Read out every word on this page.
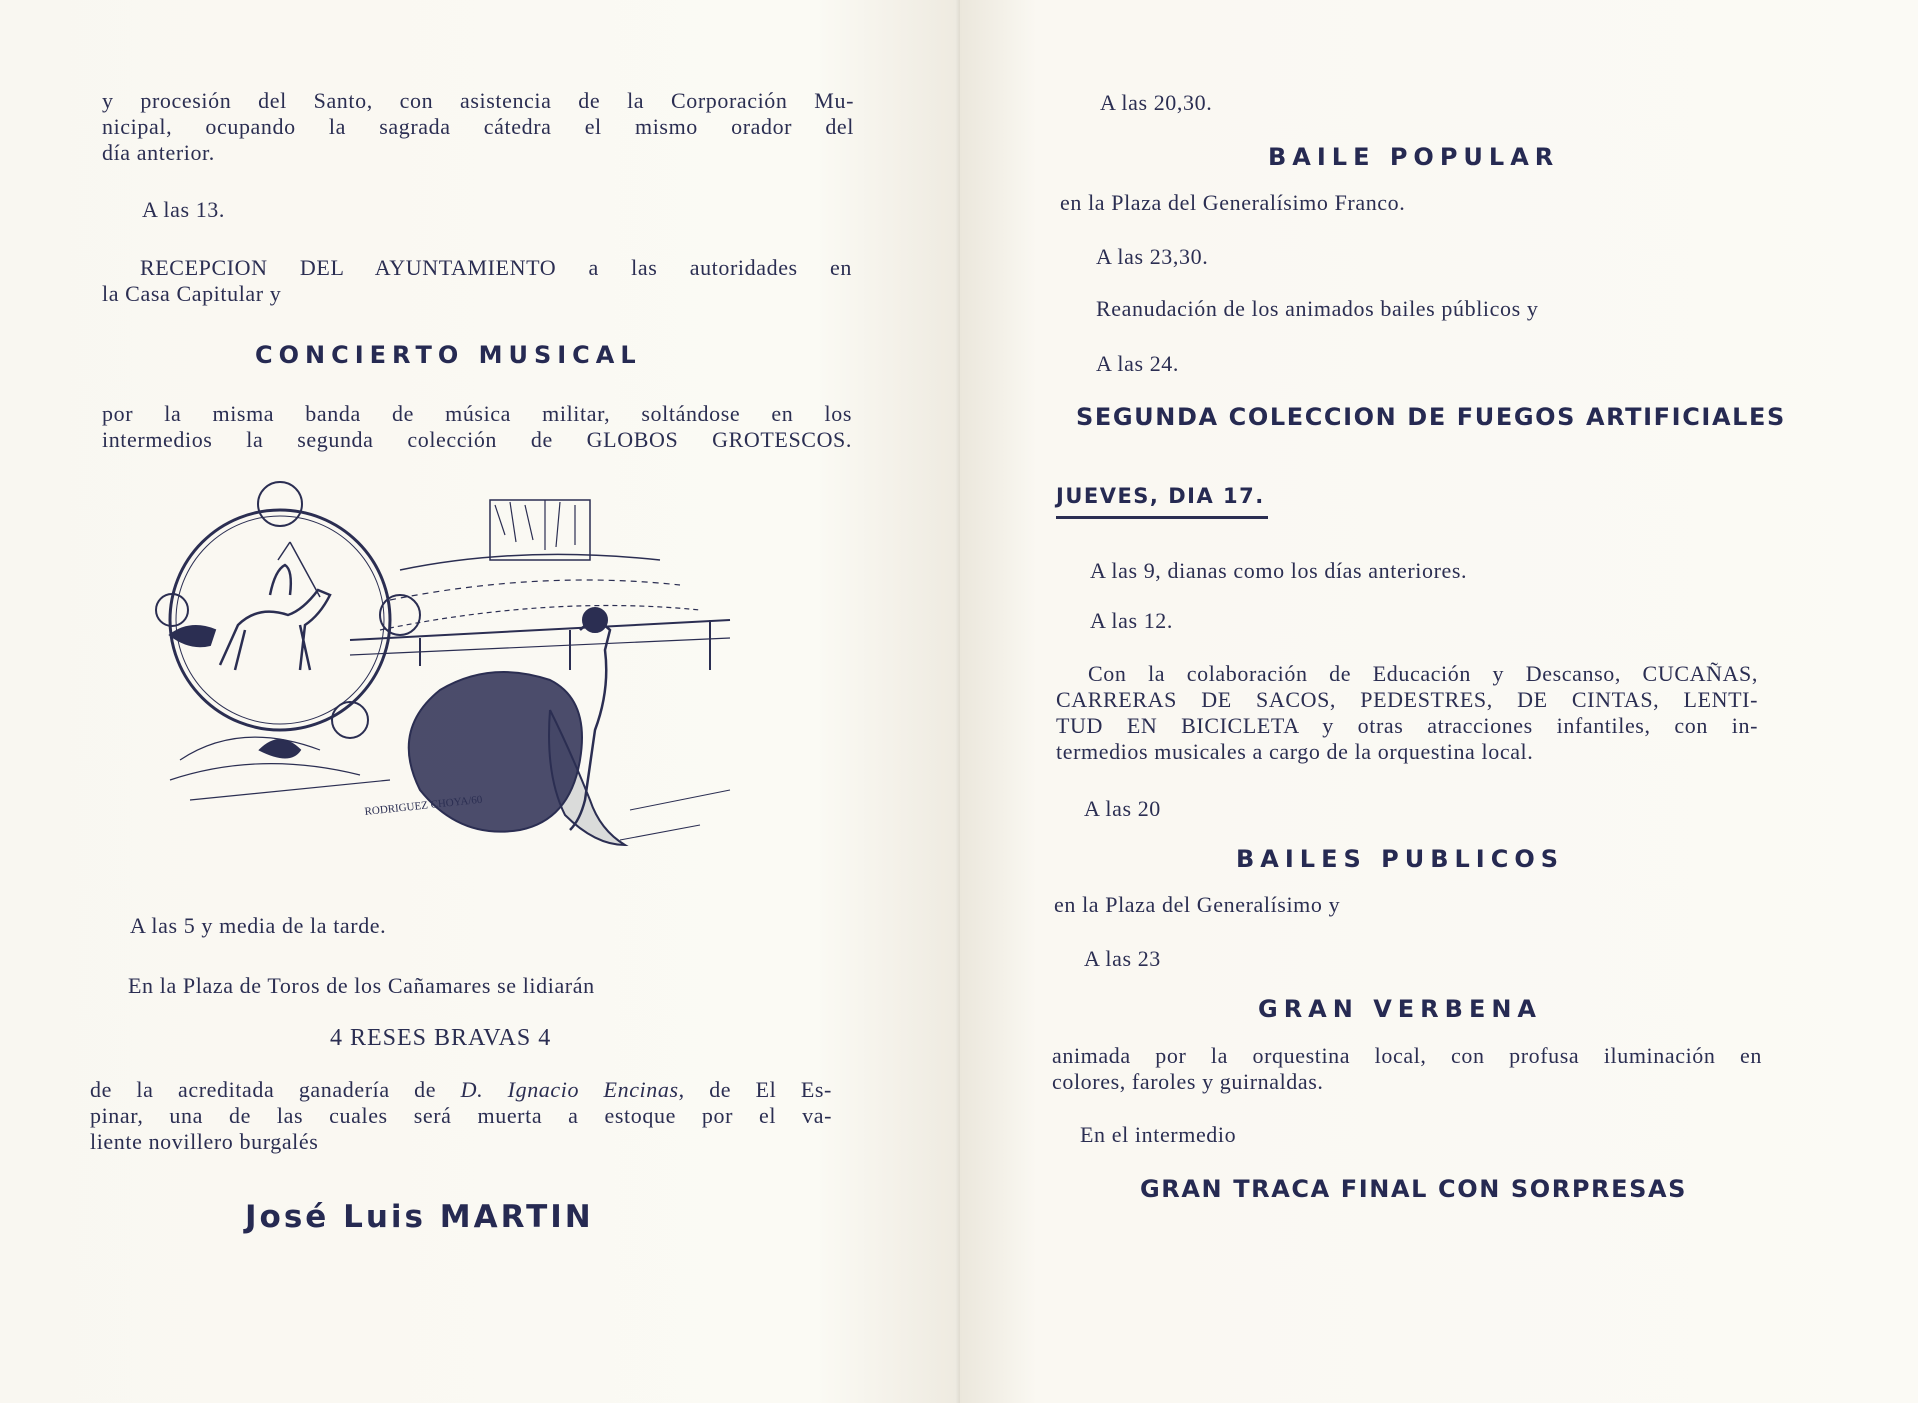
y procesión del Santo, con asistencia de la Corporación Mu-
nicipal, ocupando la sagrada cátedra el mismo orador del
día anterior.
A las 13.
RECEPCION DEL AYUNTAMIENTO a las autoridades en
la Casa Capitular y
CONCIERTO MUSICAL
por la misma banda de música militar, soltándose en los
intermedios la segunda colección de GLOBOS GROTESCOS.
RODRIGUEZ CHOYA/60
A las 5 y media de la tarde.
En la Plaza de Toros de los Cañamares se lidiarán
4 RESES BRAVAS 4
de la acreditada ganadería de D. Ignacio Encinas, de El Es-
pinar, una de las cuales será muerta a estoque por el va-
liente novillero burgalés
José Luis MARTIN
A las 20,30.
BAILE POPULAR
en la Plaza del Generalísimo Franco.
A las 23,30.
Reanudación de los animados bailes públicos y
A las 24.
SEGUNDA COLECCION DE FUEGOS ARTIFICIALES
JUEVES, DIA 17.
A las 9, dianas como los días anteriores.
A las 12.
Con la colaboración de Educación y Descanso, CUCAÑAS,
CARRERAS DE SACOS, PEDESTRES, DE CINTAS, LENTI-
TUD EN BICICLETA y otras atracciones infantiles, con in-
termedios musicales a cargo de la orquestina local.
A las 20
BAILES PUBLICOS
en la Plaza del Generalísimo y
A las 23
GRAN VERBENA
animada por la orquestina local, con profusa iluminación en
colores, faroles y guirnaldas.
En el intermedio
GRAN TRACA FINAL CON SORPRESAS
